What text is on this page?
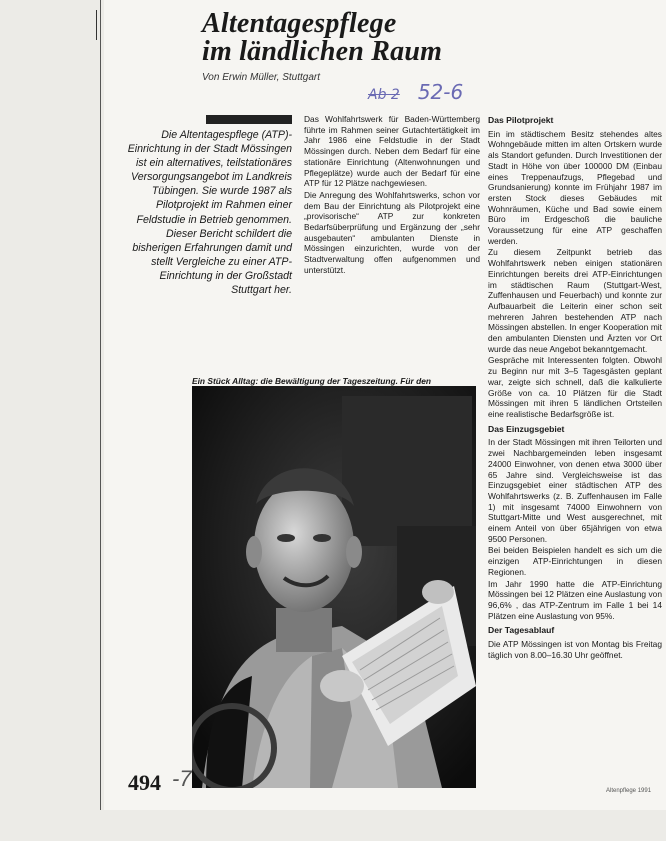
Altentagespflege
im ländlichen Raum
Von Erwin Müller, Stuttgart
Ab 2 52-6

Die Altentagespflege (ATP)-Einrichtung in der Stadt Mössingen ist ein alternatives, teilstationäres Versorgungsangebot im Landkreis Tübingen. Sie wurde 1987 als Pilotprojekt im Rahmen einer Feldstudie in Betrieb genommen. Dieser Bericht schildert die bisherigen Erfahrungen damit und stellt Vergleiche zu einer ATP-Einrichtung in der Großstadt Stuttgart her.

Das Wohlfahrtswerk für Baden-Württemberg führte im Rahmen seiner Gutachtertätigkeit im Jahr 1986 eine Feldstudie in der Stadt Mössingen durch. Neben dem Bedarf für eine stationäre Einrichtung (Altenwohnungen und Pflegeplätze) wurde auch der Bedarf für eine ATP für 12 Plätze nachgewiesen.

Die Anregung des Wohlfahrtswerks, schon vor dem Bau der Einrichtung als Pilotprojekt eine „provisorische“ ATP zur konkreten Bedarfsüberprüfung und Ergänzung der „sehr ausgebauten“ ambulanten Dienste in Mössingen einzurichten, wurde von der Stadtverwaltung offen aufgenommen und unterstützt.

Das Pilotprojekt

Ein im städtischem Besitz stehendes altes Wohngebäude mitten im alten Ortskern wurde als Standort gefunden. Durch Investitionen der Stadt in Höhe von über 100000 DM (Einbau eines Treppenaufzugs, Pflegebad und Grundsanierung) konnte im Frühjahr 1987 im ersten Stock dieses Gebäudes mit Wohnräumen, Küche und Bad sowie einem Büro im Erdgeschoß die bauliche Voraussetzung für eine ATP geschaffen werden.

Zu diesem Zeitpunkt betrieb das Wohlfahrtswerk neben einigen stationären Einrichtungen bereits drei ATP-Einrichtungen im städtischen Raum (Stuttgart-West, Zuffenhausen und Feuerbach) und konnte zur Aufbauarbeit die Leiterin einer schon seit mehreren Jahren bestehenden ATP nach Mössingen abstellen. In enger Kooperation mit den ambulanten Diensten und Ärzten vor Ort wurde das neue Angebot bekanntgemacht.

Gespräche mit Interessenten folgten. Obwohl zu Beginn nur mit 3–5 Tagesgästen geplant war, zeigte sich schnell, daß die kalkulierte Größe von ca. 10 Plätzen für die Stadt Mössingen mit ihren 5 ländlichen Ortsteilen eine realistische Bedarfsgröße ist.

Das Einzugsgebiet

In der Stadt Mössingen mit ihren Teilorten und zwei Nachbargemeinden leben insgesamt 24000 Einwohner, von denen etwa 3000 über 65 Jahre sind. Vergleichsweise ist das Einzugsgebiet einer städtischen ATP des Wohlfahrtswerks (z. B. Zuffenhausen im Falle 1) mit insgesamt 74000 Einwohnern von Stuttgart-Mitte und West ausgerechnet, mit einem Anteil von über 65jährigen von etwa 9500 Personen.

Bei beiden Beispielen handelt es sich um die einzigen ATP-Einrichtungen in diesen Regionen.

Im Jahr 1990 hatte die ATP-Einrichtung Mössingen bei 12 Plätzen eine Auslastung von 96,6% , das ATP-Zentrum im Falle 1 bei 14 Plätzen eine Auslastung von 95%.

Der Tagesablauf

Die ATP Mössingen ist von Montag bis Freitag täglich von 8.00–16.30 Uhr geöffnet.

Ein Stück Alltag: die Bewältigung der Tageszeitung. Für den

494 -7	Altenpflege 1991
